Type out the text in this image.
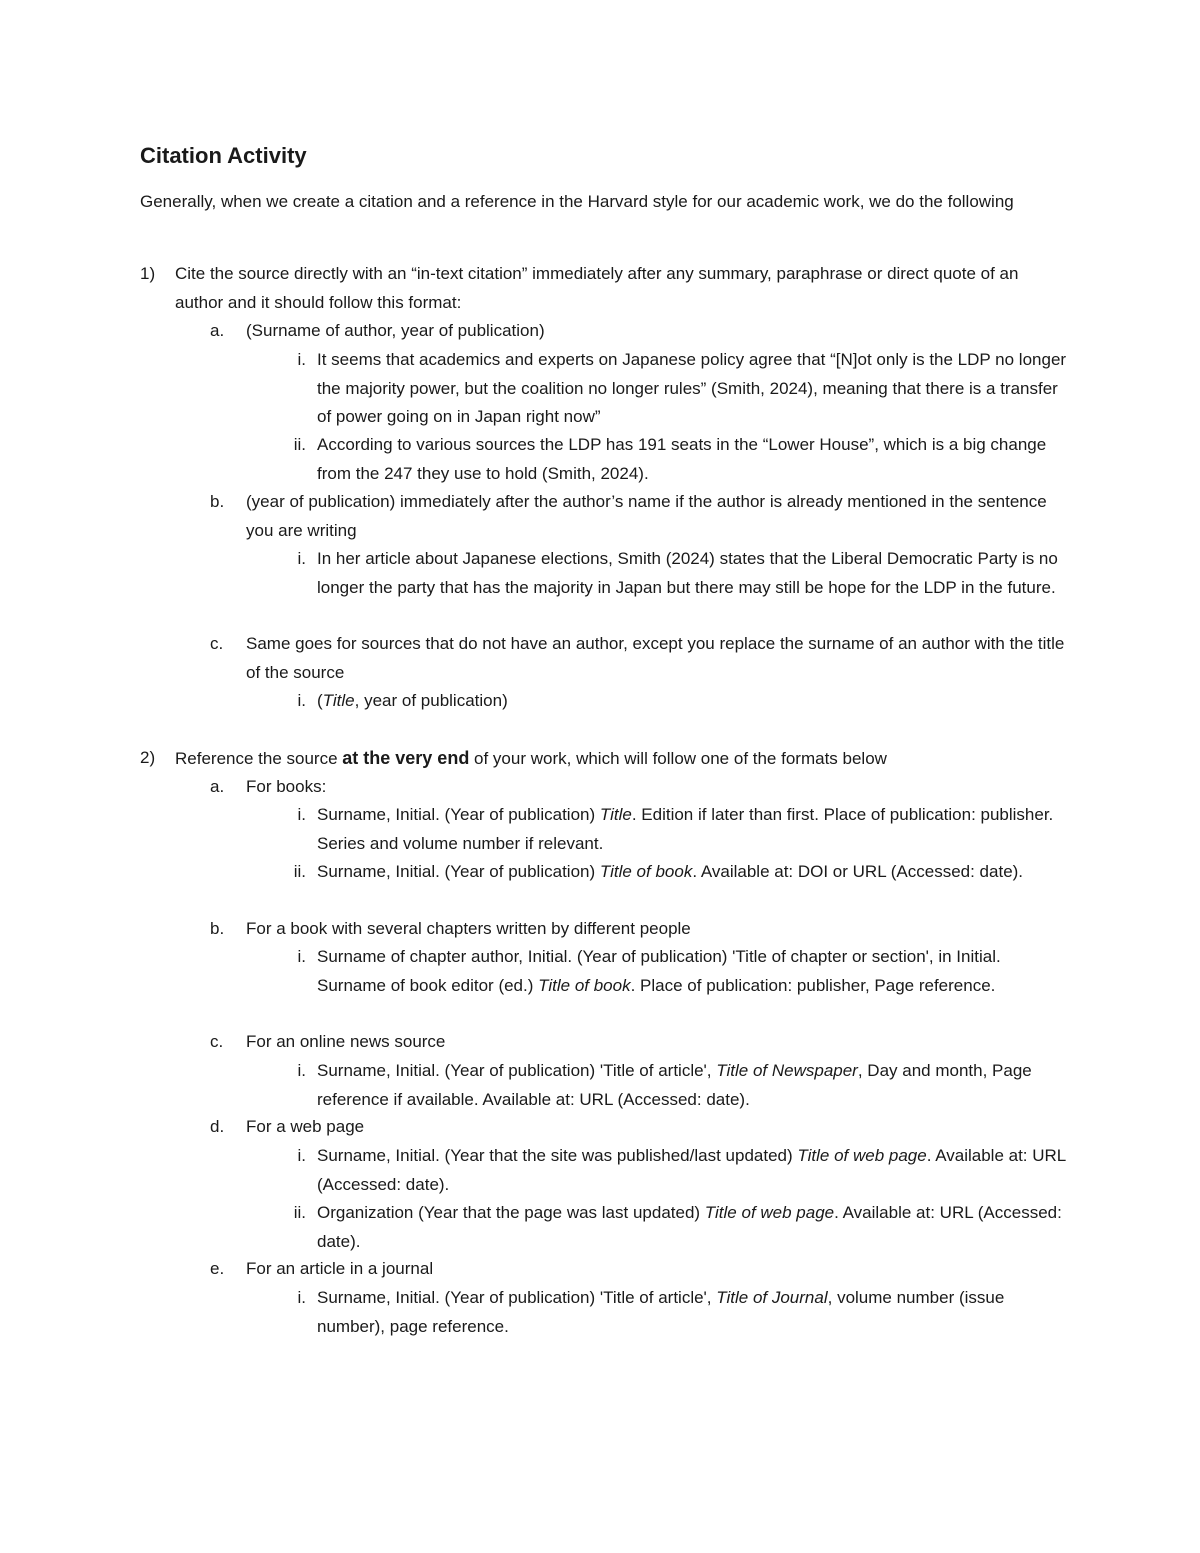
Citation Activity

Generally, when we create a citation and a reference in the Harvard style for our academic work, we do the following

1) Cite the source directly with an “in-text citation” immediately after any summary, paraphrase or direct quote of an author and it should follow this format:
a. (Surname of author, year of publication)
i. It seems that academics and experts on Japanese policy agree that “[N]ot only is the LDP no longer the majority power, but the coalition no longer rules” (Smith, 2024), meaning that there is a transfer of power going on in Japan right now”
ii. According to various sources the LDP has 191 seats in the “Lower House”, which is a big change from the 247 they use to hold (Smith, 2024).
b. (year of publication) immediately after the author’s name if the author is already mentioned in the sentence you are writing
i. In her article about Japanese elections, Smith (2024) states that the Liberal Democratic Party is no longer the party that has the majority in Japan but there may still be hope for the LDP in the future.
c. Same goes for sources that do not have an author, except you replace the surname of an author with the title of the source
i. (Title, year of publication)
2) Reference the source at the very end of your work, which will follow one of the formats below
a. For books:
i. Surname, Initial. (Year of publication) Title. Edition if later than first. Place of publication: publisher. Series and volume number if relevant.
ii. Surname, Initial. (Year of publication) Title of book. Available at: DOI or URL (Accessed: date).
b. For a book with several chapters written by different people
i. Surname of chapter author, Initial. (Year of publication) 'Title of chapter or section', in Initial. Surname of book editor (ed.) Title of book. Place of publication: publisher, Page reference.
c. For an online news source
i. Surname, Initial. (Year of publication) 'Title of article', Title of Newspaper, Day and month, Page reference if available. Available at: URL (Accessed: date).
d. For a web page
i. Surname, Initial. (Year that the site was published/last updated) Title of web page. Available at: URL (Accessed: date).
ii. Organization (Year that the page was last updated) Title of web page. Available at: URL (Accessed: date).
e. For an article in a journal
i. Surname, Initial. (Year of publication) 'Title of article', Title of Journal, volume number (issue number), page reference.
